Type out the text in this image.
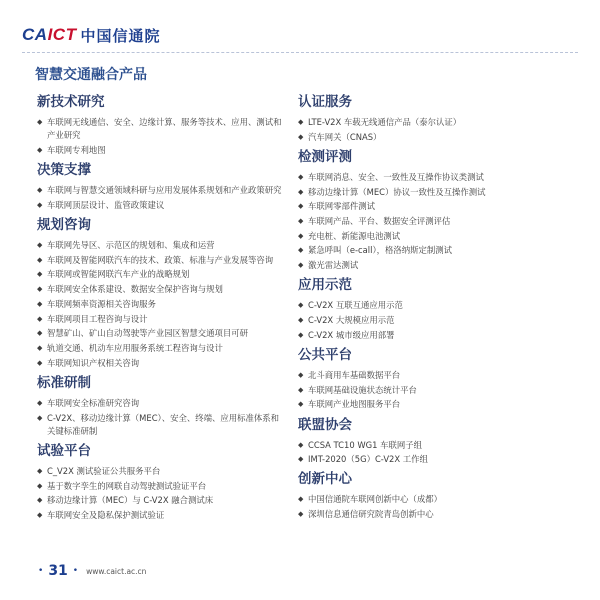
CAICT 中国信通院
智慧交通融合产品
新技术研究
◆ 车联网无线通信、安全、边缘计算、服务等技术、应用、测试和产业研究
◆ 车联网专利地图
决策支撑
◆ 车联网与智慧交通领域科研与应用发展体系规划和产业政策研究
◆ 车联网顶层设计、监管政策建议
规划咨询
◆ 车联网先导区、示范区的规划和、集成和运营
◆ 车联网及智能网联汽车的技术、政策、标准与产业发展等咨询
◆ 车联网或智能网联汽车产业的战略规划
◆ 车联网安全体系建设、数据安全保护咨询与规划
◆ 车联网频率资源相关咨询服务
◆ 车联网项目工程咨询与设计
◆ 智慧矿山、矿山自动驾驶等产业园区智慧交通项目可研
◆ 轨道交通、机动车应用服务系统工程咨询与设计
◆ 车联网知识产权相关咨询
标准研制
◆ 车联网安全标准研究咨询
◆ C-V2X、移动边缘计算（MEC）、安全、终端、应用标准体系和关键标准研制
试验平台
◆ C_V2X 测试验证公共服务平台
◆ 基于数字孪生的网联自动驾驶测试验证平台
◆ 移动边缘计算（MEC）与 C-V2X 融合测试床
◆ 车联网安全及隐私保护测试验证
认证服务
◆ LTE-V2X 车载无线通信产品（泰尔认证）
◆ 汽车网关（CNAS）
检测评测
◆ 车联网消息、安全、一致性及互操作协议类测试
◆ 移动边缘计算（MEC）协议一致性及互操作测试
◆ 车联网零部件测试
◆ 车联网产品、平台、数据安全评测评估
◆ 充电桩、新能源电池测试
◆ 紧急呼叫（e-call），格洛纳斯定制测试
◆ 激光雷达测试
应用示范
◆ C-V2X 互联互通应用示范
◆ C-V2X 大规模应用示范
◆ C-V2X 城市级应用部署
公共平台
◆ 北斗商用车基础数据平台
◆ 车联网基础设施状态统计平台
◆ 车联网产业地图服务平台
联盟协会
◆ CCSA TC10 WG1 车联网子组
◆ IMT-2020（5G）C-V2X 工作组
创新中心
◆ 中国信通院车联网创新中心（成都）
◆ 深圳信息通信研究院青岛创新中心
• 31 • www.caict.ac.cn
